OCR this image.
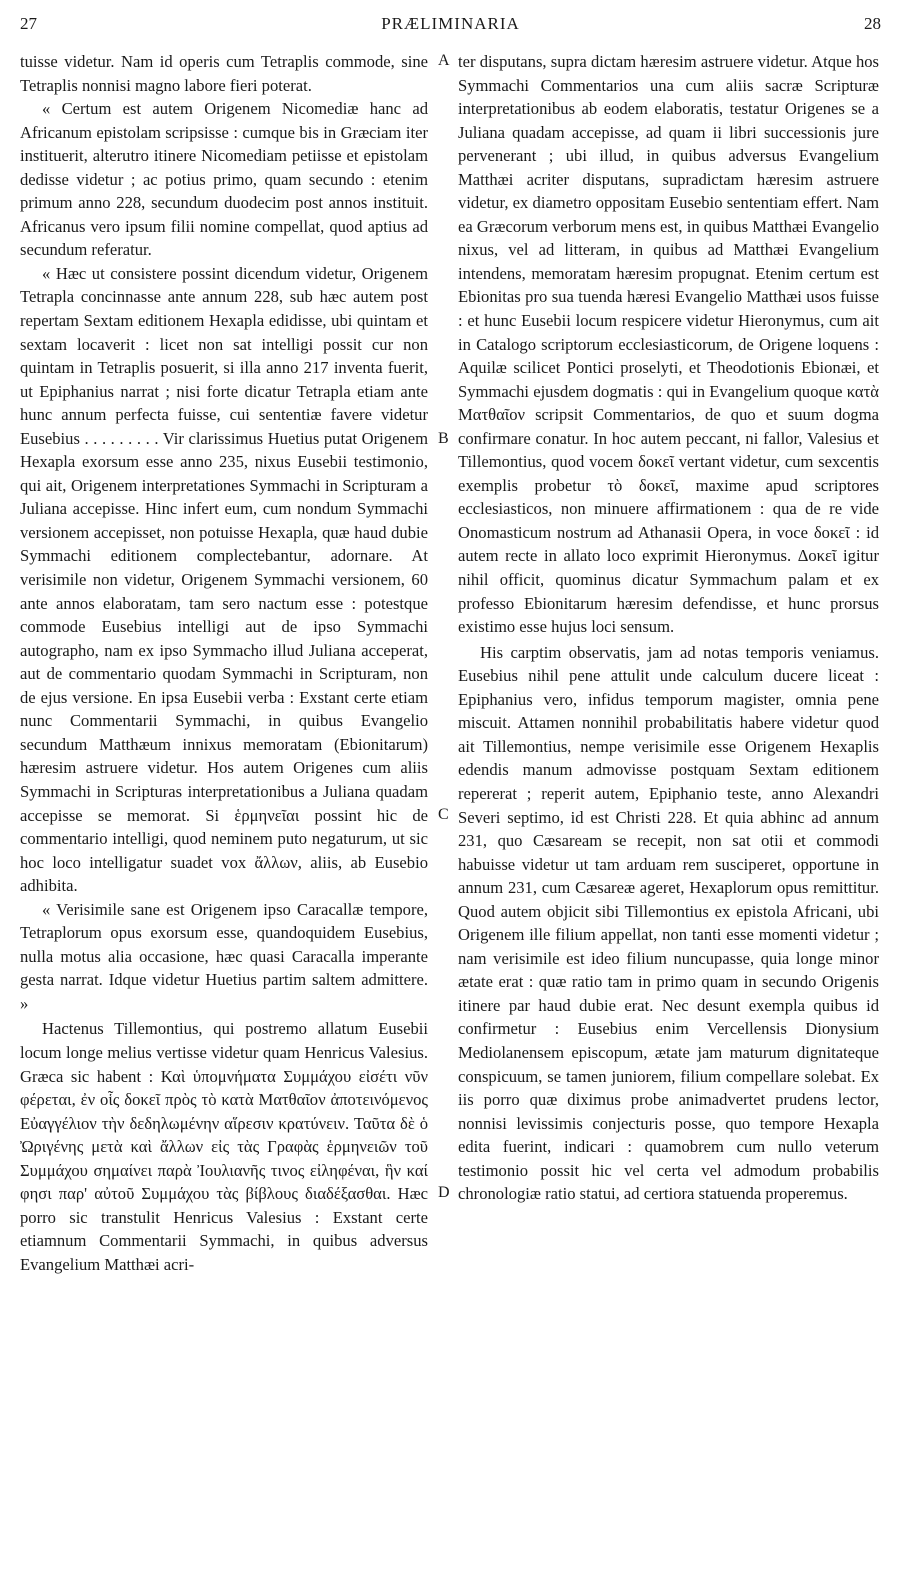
27	PRÆLIMINARIA	28

tuisse videtur. Nam id operis cum Tetraplis commode, sine Tetraplis nonnisi magno labore fieri poterat.

« Certum est autem Origenem Nicomediæ hanc ad Africanum epistolam scripsisse : cumque bis in Græciam iter instituerit, alterutro itinere Nicomediam petiisse et epistolam dedisse videtur ; ac potius primo, quam secundo : etenim primum anno 228, secundum duodecim post annos instituit. Africanus vero ipsum filii nomine compellat, quod aptius ad secundum referatur.

« Hæc ut consistere possint dicendum videtur, Origenem Tetrapla concinnasse ante annum 228, sub hæc autem post repertam Sextam editionem Hexapla edidisse, ubi quintam et sextam locaverit : licet non sat intelligi possit cur non quintam in Tetraplis posuerit, si illa anno 217 inventa fuerit, ut Epiphanius narrat ; nisi forte dicatur Tetrapla etiam ante hunc annum perfecta fuisse, cui sententiæ favere videtur Eusebius . . . . . . . . . Vir clarissimus Huetius putat Origenem Hexapla exorsum esse anno 235, nixus Eusebii testimonio, qui ait, Origenem interpretationes Symmachi in Scripturam a Juliana accepisse. Hinc infert eum, cum nondum Symmachi versionem accepisset, non potuisse Hexapla, quæ haud dubie Symmachi editionem complectebantur, adornare. At verisimile non videtur, Origenem Symmachi versionem, 60 ante annos elaboratam, tam sero nactum esse : potestque commode Eusebius intelligi aut de ipso Symmachi autographo, nam ex ipso Symmacho illud Juliana acceperat, aut de commentario quodam Symmachi in Scripturam, non de ejus versione. En ipsa Eusebii verba : Exstant certe etiam nunc Commentarii Symmachi, in quibus Evangelio secundum Matthæum innixus memoratam (Ebionitarum) hæresim astruere videtur. Hos autem Origenes cum aliis Symmachi in Scripturas interpretationibus a Juliana quadam accepisse se memorat. Si ἑρμηνεῖαι possint hic de commentario intelligi, quod neminem puto negaturum, ut sic hoc loco intelligatur suadet vox ἄλλων, aliis, ab Eusebio adhibita.

« Verisimile sane est Origenem ipso Caracallæ tempore, Tetraplorum opus exorsum esse, quandoquidem Eusebius, nulla motus alia occasione, hæc quasi Caracalla imperante gesta narrat. Idque videtur Huetius partim saltem admittere. »

Hactenus Tillemontius, qui postremo allatum Eusebii locum longe melius vertisse videtur quam Henricus Valesius. Græca sic habent : Καὶ ὑπομνήματα Συμμάχου εἰσέτι νῦν φέρεται, ἐν οἷς δοκεῖ πρὸς τὸ κατὰ Ματθαῖον ἀποτεινόμενος Εὐαγγέλιον τὴν δεδηλωμένην αἵρεσιν κρατύνειν. Ταῦτα δὲ ὁ Ὠριγένης μετὰ καὶ ἄλλων εἰς τὰς Γραφὰς ἑρμηνειῶν τοῦ Συμμάχου σημαίνει παρὰ Ἰουλιανῆς τινος εἰληφέναι, ἣν καί φησι παρ' αὐτοῦ Συμμάχου τὰς βίβλους διαδέξασθαι. Hæc porro sic transtulit Henricus Valesius : Exstant certe etiamnum Commentarii Symmachi, in quibus adversus Evangelium Matthæi acri-

A
B
C
D

ter disputans, supra dictam hæresim astruere videtur. Atque hos Symmachi Commentarios una cum aliis sacræ Scripturæ interpretationibus ab eodem elaboratis, testatur Origenes se a Juliana quadam accepisse, ad quam ii libri successionis jure pervenerant ; ubi illud, in quibus adversus Evangelium Matthæi acriter disputans, supradictam hæresim astruere videtur, ex diametro oppositam Eusebio sententiam effert. Nam ea Græcorum verborum mens est, in quibus Matthæi Evangelio nixus, vel ad litteram, in quibus ad Matthæi Evangelium intendens, memoratam hæresim propugnat. Etenim certum est Ebionitas pro sua tuenda hæresi Evangelio Matthæi usos fuisse : et hunc Eusebii locum respicere videtur Hieronymus, cum ait in Catalogo scriptorum ecclesiasticorum, de Origene loquens : Aquilæ scilicet Pontici proselyti, et Theodotionis Ebionæi, et Symmachi ejusdem dogmatis : qui in Evangelium quoque κατὰ Ματθαῖον scripsit Commentarios, de quo et suum dogma confirmare conatur. In hoc autem peccant, ni fallor, Valesius et Tillemontius, quod vocem δοκεῖ vertant videtur, cum sexcentis exemplis probetur τὸ δοκεῖ, maxime apud scriptores ecclesiasticos, non minuere affirmationem : qua de re vide Onomasticum nostrum ad Athanasii Opera, in voce δοκεῖ : id autem recte in allato loco exprimit Hieronymus. Δοκεῖ igitur nihil officit, quominus dicatur Symmachum palam et ex professo Ebionitarum hæresim defendisse, et hunc prorsus existimo esse hujus loci sensum.

His carptim observatis, jam ad notas temporis veniamus. Eusebius nihil pene attulit unde calculum ducere liceat : Epiphanius vero, infidus temporum magister, omnia pene miscuit. Attamen nonnihil probabilitatis habere videtur quod ait Tillemontius, nempe verisimile esse Origenem Hexaplis edendis manum admovisse postquam Sextam editionem repererat ; reperit autem, Epiphanio teste, anno Alexandri Severi septimo, id est Christi 228. Et quia abhinc ad annum 231, quo Cæsaream se recepit, non sat otii et commodi habuisse videtur ut tam arduam rem susciperet, opportune in annum 231, cum Cæsareæ ageret, Hexaplorum opus remittitur. Quod autem objicit sibi Tillemontius ex epistola Africani, ubi Origenem ille filium appellat, non tanti esse momenti videtur ; nam verisimile est ideo filium nuncupasse, quia longe minor ætate erat : quæ ratio tam in primo quam in secundo Origenis itinere par haud dubie erat. Nec desunt exempla quibus id confirmetur : Eusebius enim Vercellensis Dionysium Mediolanensem episcopum, ætate jam maturum dignitateque conspicuum, se tamen juniorem, filium compellare solebat. Ex iis porro quæ diximus probe animadvertet prudens lector, nonnisi levissimis conjecturis posse, quo tempore Hexapla edita fuerint, indicari : quamobrem cum nullo veterum testimonio possit hic vel certa vel admodum probabilis chronologiæ ratio statui, ad certiora statuenda properemus.
